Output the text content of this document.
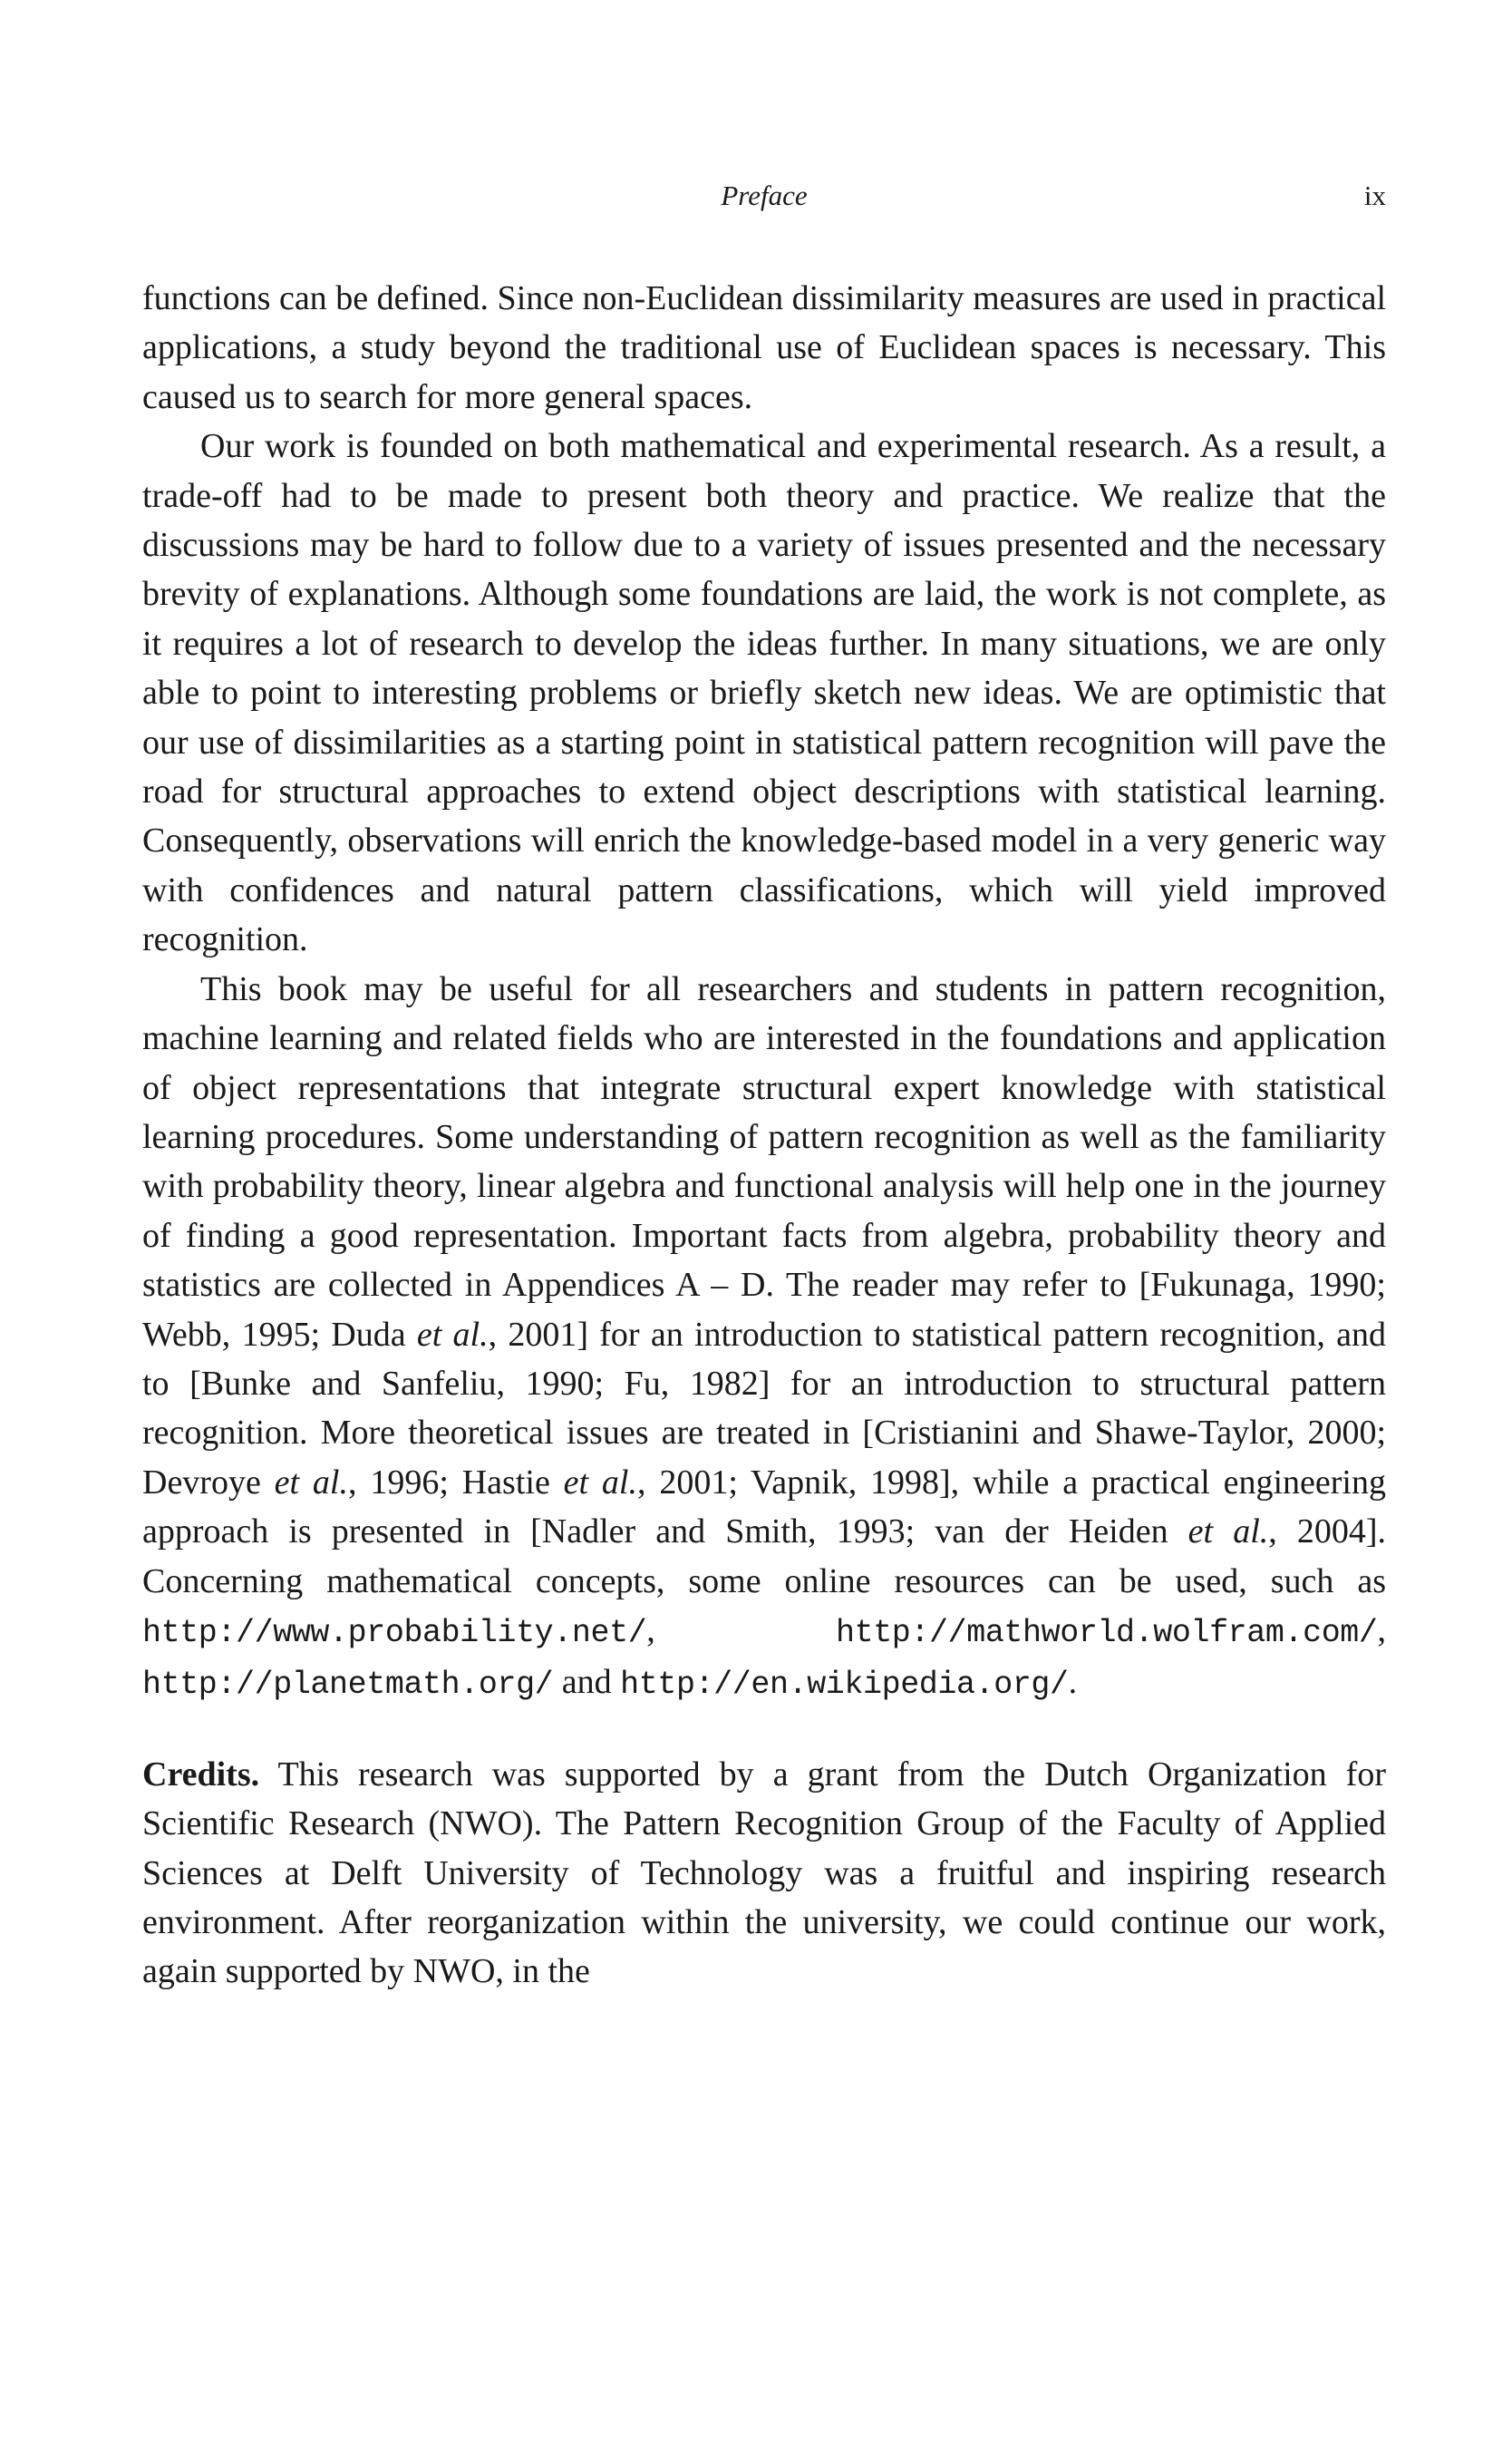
Preface	ix

functions can be defined. Since non-Euclidean dissimilarity measures are used in practical applications, a study beyond the traditional use of Euclidean spaces is necessary. This caused us to search for more general spaces.

Our work is founded on both mathematical and experimental research. As a result, a trade-off had to be made to present both theory and practice. We realize that the discussions may be hard to follow due to a variety of issues presented and the necessary brevity of explanations. Although some foundations are laid, the work is not complete, as it requires a lot of research to develop the ideas further. In many situations, we are only able to point to interesting problems or briefly sketch new ideas. We are optimistic that our use of dissimilarities as a starting point in statistical pattern recognition will pave the road for structural approaches to extend object descriptions with statistical learning. Consequently, observations will enrich the knowledge-based model in a very generic way with confidences and natural pattern classifications, which will yield improved recognition.

This book may be useful for all researchers and students in pattern recognition, machine learning and related fields who are interested in the foundations and application of object representations that integrate structural expert knowledge with statistical learning procedures. Some understanding of pattern recognition as well as the familiarity with probability theory, linear algebra and functional analysis will help one in the journey of finding a good representation. Important facts from algebra, probability theory and statistics are collected in Appendices A – D. The reader may refer to [Fukunaga, 1990; Webb, 1995; Duda et al., 2001] for an introduction to statistical pattern recognition, and to [Bunke and Sanfeliu, 1990; Fu, 1982] for an introduction to structural pattern recognition. More theoretical issues are treated in [Cristianini and Shawe-Taylor, 2000; Devroye et al., 1996; Hastie et al., 2001; Vapnik, 1998], while a practical engineering approach is presented in [Nadler and Smith, 1993; van der Heiden et al., 2004]. Concerning mathematical concepts, some online resources can be used, such as http://www.probability.net/, http://mathworld.wolfram.com/, http://planetmath.org/ and http://en.wikipedia.org/.

Credits. This research was supported by a grant from the Dutch Organization for Scientific Research (NWO). The Pattern Recognition Group of the Faculty of Applied Sciences at Delft University of Technology was a fruitful and inspiring research environment. After reorganization within the university, we could continue our work, again supported by NWO, in the
